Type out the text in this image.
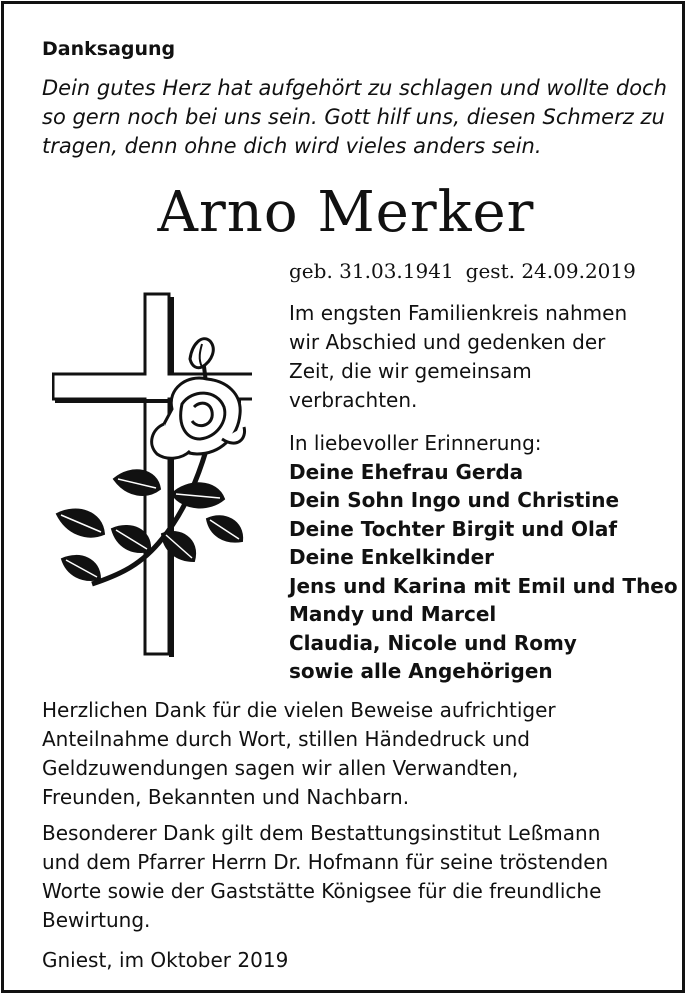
Danksagung
Dein gutes Herz hat aufgehört zu schlagen und wollte doch
so gern noch bei uns sein. Gott hilf uns, diesen Schmerz zu
tragen, denn ohne dich wird vieles anders sein.
Arno Merker
geb. 31.03.1941 gest. 24.09.2019
Im engsten Familienkreis nahmen
wir Abschied und gedenken der
Zeit, die wir gemeinsam
verbrachten.
In liebevoller Erinnerung:
Deine Ehefrau Gerda
Dein Sohn Ingo und Christine
Deine Tochter Birgit und Olaf
Deine Enkelkinder
Jens und Karina mit Emil und Theo
Mandy und Marcel
Claudia, Nicole und Romy
sowie alle Angehörigen
Herzlichen Dank für die vielen Beweise aufrichtiger
Anteilnahme durch Wort, stillen Händedruck und
Geldzuwendungen sagen wir allen Verwandten,
Freunden, Bekannten und Nachbarn.
Besonderer Dank gilt dem Bestattungsinstitut Leßmann
und dem Pfarrer Herrn Dr. Hofmann für seine tröstenden
Worte sowie der Gaststätte Königsee für die freundliche
Bewirtung.
Gniest, im Oktober 2019
